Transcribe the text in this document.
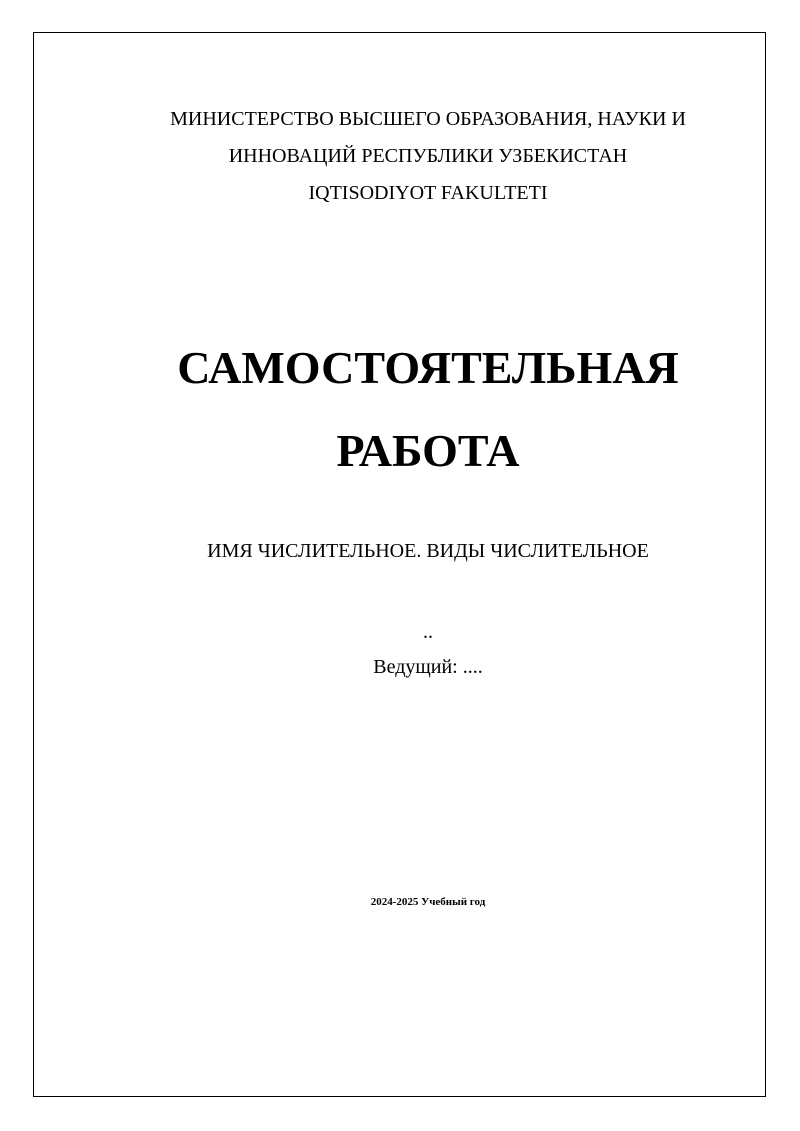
МИНИСТЕРСТВО ВЫСШЕГО ОБРАЗОВАНИЯ, НАУКИ И
ИННОВАЦИЙ РЕСПУБЛИКИ УЗБЕКИСТАН
IQTISODIYOT FAKULTETI
САМОСТОЯТЕЛЬНАЯ
РАБОТА
ИМЯ ЧИСЛИТЕЛЬНОЕ. ВИДЫ ЧИСЛИТЕЛЬНОЕ
..
Ведущий: ....
2024-2025 Учебный год
